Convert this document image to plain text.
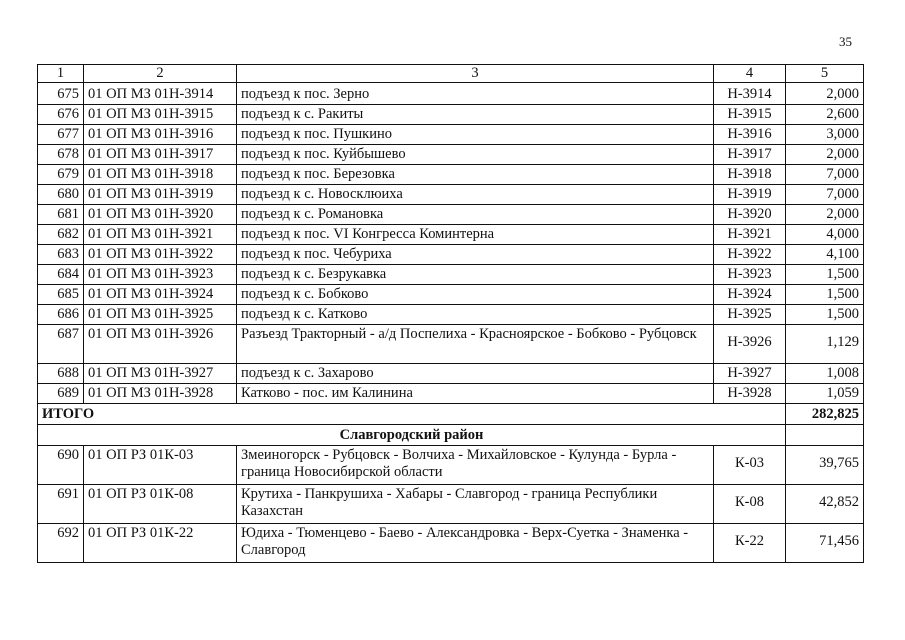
35
1	2	3	4	5
675	01 ОП МЗ 01Н-3914	подъезд к пос. Зерно	Н-3914	2,000
676	01 ОП МЗ 01Н-3915	подъезд к с. Ракиты	Н-3915	2,600
677	01 ОП МЗ 01Н-3916	подъезд к пос. Пушкино	Н-3916	3,000
678	01 ОП МЗ 01Н-3917	подъезд к пос. Куйбышево	Н-3917	2,000
679	01 ОП МЗ 01Н-3918	подъезд к пос. Березовка	Н-3918	7,000
680	01 ОП МЗ 01Н-3919	подъезд к с. Новосклюиха	Н-3919	7,000
681	01 ОП МЗ 01Н-3920	подъезд к с. Романовка	Н-3920	2,000
682	01 ОП МЗ 01Н-3921	подъезд к пос. VI Конгресса Коминтерна	Н-3921	4,000
683	01 ОП МЗ 01Н-3922	подъезд к пос. Чебуриха	Н-3922	4,100
684	01 ОП МЗ 01Н-3923	подъезд к с. Безрукавка	Н-3923	1,500
685	01 ОП МЗ 01Н-3924	подъезд к с. Бобково	Н-3924	1,500
686	01 ОП МЗ 01Н-3925	подъезд к с. Катково	Н-3925	1,500
687	01 ОП МЗ 01Н-3926	Разъезд Тракторный - а/д Поспелиха - Красноярское - Бобково - Рубцовск	Н-3926	1,129
688	01 ОП МЗ 01Н-3927	подъезд к с. Захарово	Н-3927	1,008
689	01 ОП МЗ 01Н-3928	Катково - пос. им Калинина	Н-3928	1,059
ИТОГО				282,825
Славгородский район				
690	01 ОП РЗ 01К-03	Змеиногорск - Рубцовск - Волчиха - Михайловское - Кулунда - Бурла - граница Новосибирской области	К-03	39,765
691	01 ОП РЗ 01К-08	Крутиха - Панкрушиха - Хабары - Славгород - граница Республики Казахстан	К-08	42,852
692	01 ОП РЗ 01К-22	Юдиха - Тюменцево - Баево - Александровка - Верх-Суетка - Знаменка - Славгород	К-22	71,456
